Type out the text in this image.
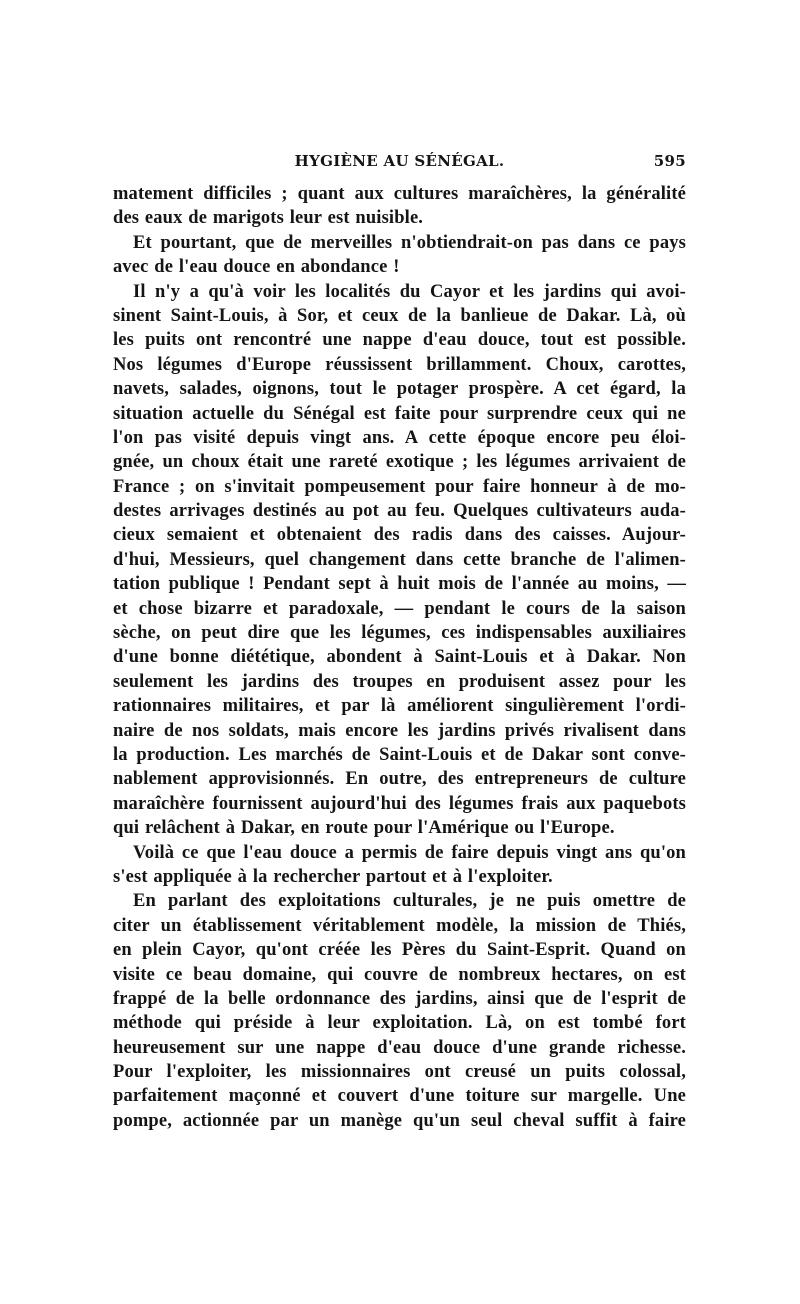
HYGIÈNE AU SÉNÉGAL.	595
matement difficiles ; quant aux cultures maraîchères, la généralité
des eaux de marigots leur est nuisible.
Et pourtant, que de merveilles n'obtiendrait-on pas dans ce pays
avec de l'eau douce en abondance !
Il n'y a qu'à voir les localités du Cayor et les jardins qui avoi-
sinent Saint-Louis, à Sor, et ceux de la banlieue de Dakar. Là, où
les puits ont rencontré une nappe d'eau douce, tout est possible.
Nos légumes d'Europe réussissent brillamment. Choux, carottes,
navets, salades, oignons, tout le potager prospère. A cet égard, la
situation actuelle du Sénégal est faite pour surprendre ceux qui ne
l'on pas visité depuis vingt ans. A cette époque encore peu éloi-
gnée, un choux était une rareté exotique ; les légumes arrivaient de
France ; on s'invitait pompeusement pour faire honneur à de mo-
destes arrivages destinés au pot au feu. Quelques cultivateurs auda-
cieux semaient et obtenaient des radis dans des caisses. Aujour-
d'hui, Messieurs, quel changement dans cette branche de l'alimen-
tation publique ! Pendant sept à huit mois de l'année au moins, —
et chose bizarre et paradoxale, — pendant le cours de la saison
sèche, on peut dire que les légumes, ces indispensables auxiliaires
d'une bonne diététique, abondent à Saint-Louis et à Dakar. Non
seulement les jardins des troupes en produisent assez pour les
rationnaires militaires, et par là améliorent singulièrement l'ordi-
naire de nos soldats, mais encore les jardins privés rivalisent dans
la production. Les marchés de Saint-Louis et de Dakar sont conve-
nablement approvisionnés. En outre, des entrepreneurs de culture
maraîchère fournissent aujourd'hui des légumes frais aux paquebots
qui relâchent à Dakar, en route pour l'Amérique ou l'Europe.
Voilà ce que l'eau douce a permis de faire depuis vingt ans qu'on
s'est appliquée à la rechercher partout et à l'exploiter.
En parlant des exploitations culturales, je ne puis omettre de
citer un établissement véritablement modèle, la mission de Thiés,
en plein Cayor, qu'ont créée les Pères du Saint-Esprit. Quand on
visite ce beau domaine, qui couvre de nombreux hectares, on est
frappé de la belle ordonnance des jardins, ainsi que de l'esprit de
méthode qui préside à leur exploitation. Là, on est tombé fort
heureusement sur une nappe d'eau douce d'une grande richesse.
Pour l'exploiter, les missionnaires ont creusé un puits colossal,
parfaitement maçonné et couvert d'une toiture sur margelle. Une
pompe, actionnée par un manège qu'un seul cheval suffit à faire
